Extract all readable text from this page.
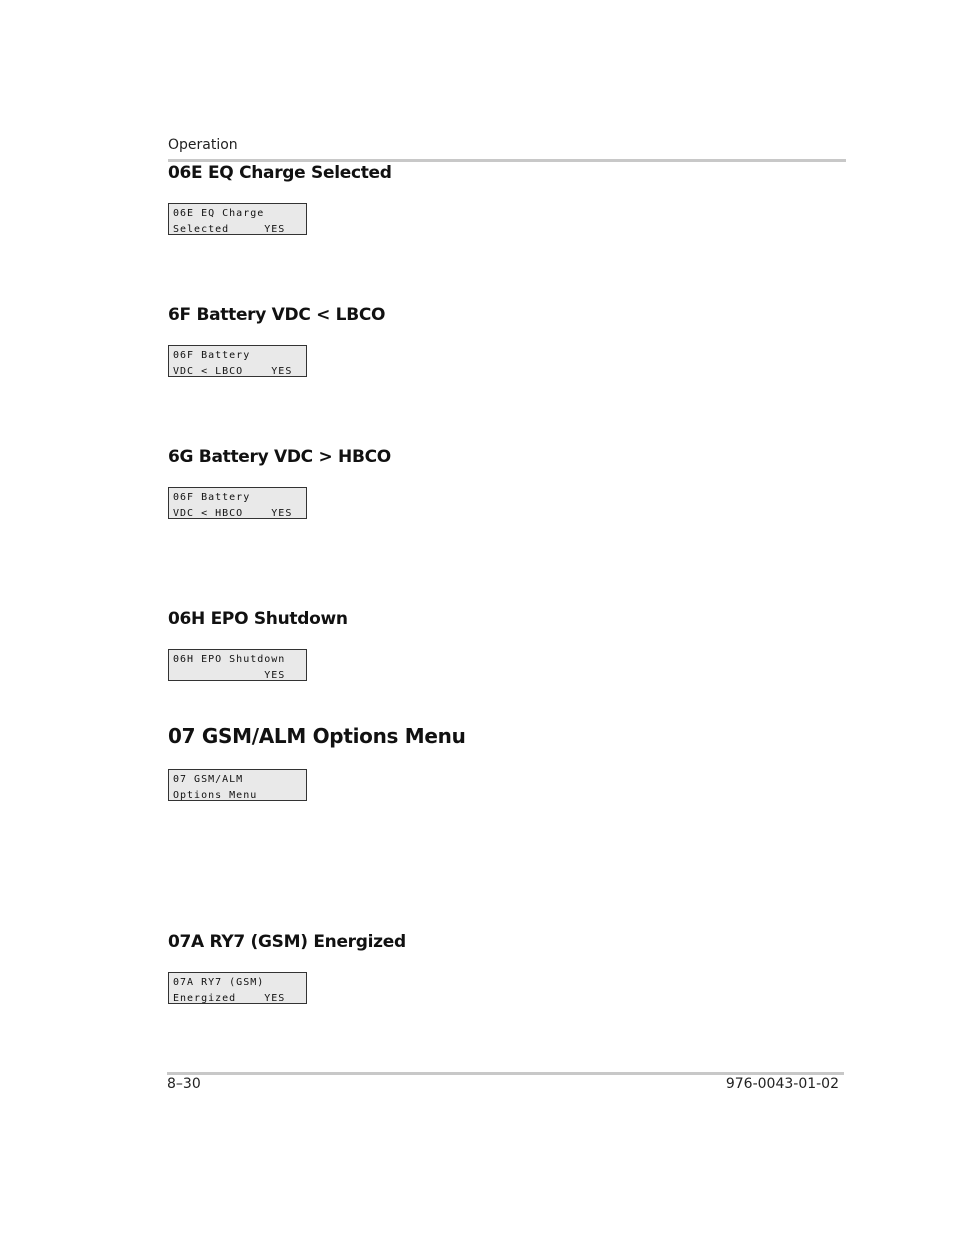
Operation
06E EQ Charge Selected
06E EQ Charge
Selected     YES
6F Battery VDC < LBCO
06F Battery
VDC < LBCO    YES
6G Battery VDC > HBCO
06F Battery
VDC < HBCO    YES
06H EPO Shutdown
06H EPO Shutdown
YES
07 GSM/ALM Options Menu
07 GSM/ALM
Options Menu
07A RY7 (GSM) Energized
07A RY7 (GSM)
Energized    YES
8–30	976-0043-01-02
